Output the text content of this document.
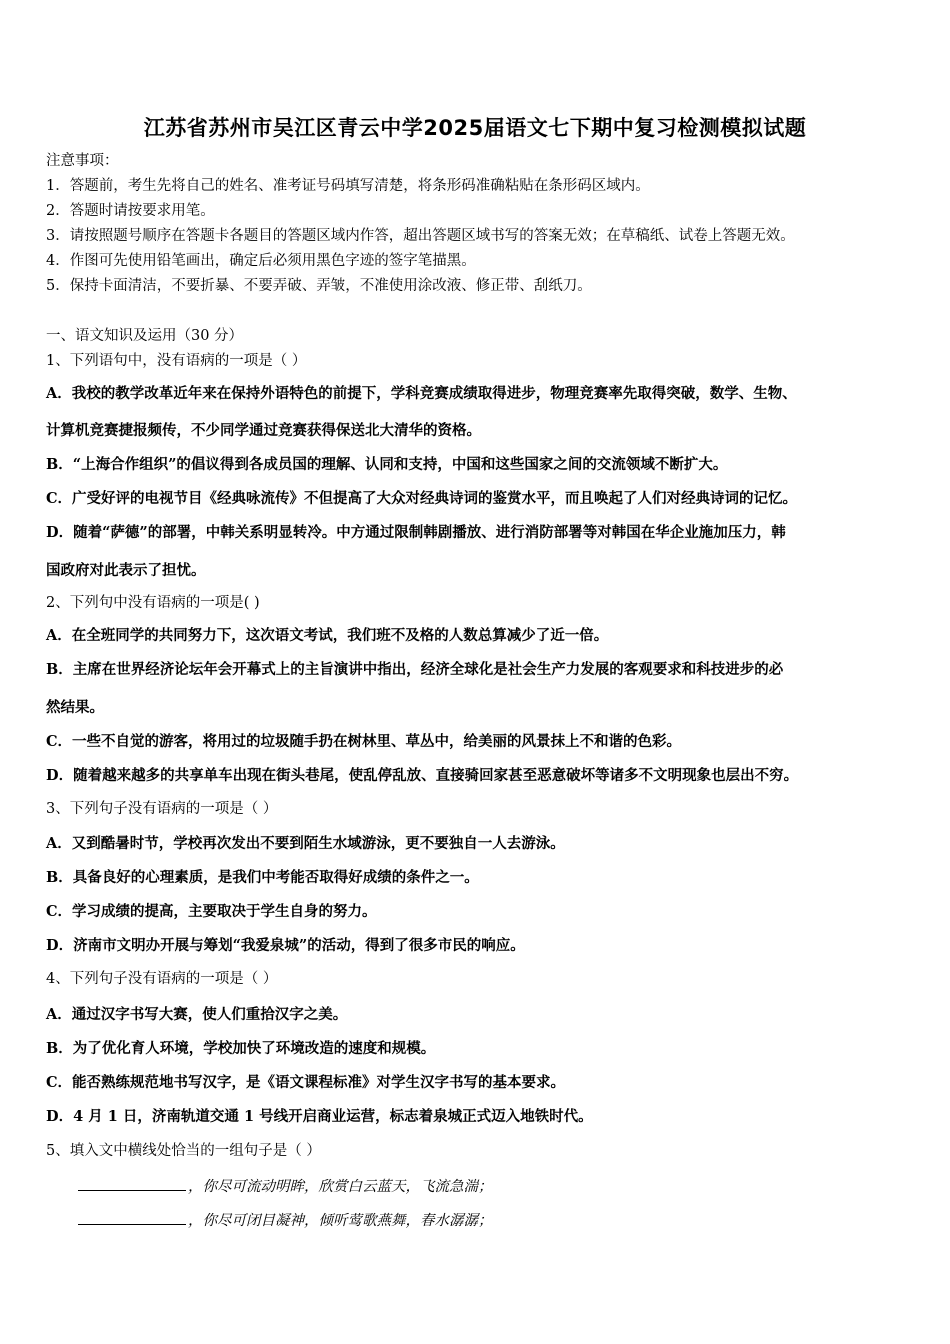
江苏省苏州市吴江区青云中学2025届语文七下期中复习检测模拟试题
注意事项：
1．答题前，考生先将自己的姓名、准考证号码填写清楚，将条形码准确粘贴在条形码区域内。
2．答题时请按要求用笔。
3．请按照题号顺序在答题卡各题目的答题区域内作答，超出答题区域书写的答案无效；在草稿纸、试卷上答题无效。
4．作图可先使用铅笔画出，确定后必须用黑色字迹的签字笔描黑。
5．保持卡面清洁，不要折暴、不要弄破、弄皱，不准使用涂改液、修正带、刮纸刀。
一、语文知识及运用（30 分）
1、下列语句中，没有语病的一项是（ ）
A．我校的教学改革近年来在保持外语特色的前提下，学科竞赛成绩取得进步，物理竞赛率先取得突破，数学、生物、
计算机竞赛捷报频传，不少同学通过竞赛获得保送北大清华的资格。
B．“上海合作组织”的倡议得到各成员国的理解、认同和支持，中国和这些国家之间的交流领域不断扩大。
C．广受好评的电视节目《经典咏流传》不但提高了大众对经典诗词的鉴赏水平，而且唤起了人们对经典诗词的记忆。
D．随着“萨德”的部署，中韩关系明显转冷。中方通过限制韩剧播放、进行消防部署等对韩国在华企业施加压力，韩
国政府对此表示了担忧。
2、下列句中没有语病的一项是( )
A．在全班同学的共同努力下，这次语文考试，我们班不及格的人数总算减少了近一倍。
B．主席在世界经济论坛年会开幕式上的主旨演讲中指出，经济全球化是社会生产力发展的客观要求和科技进步的必
然结果。
C．一些不自觉的游客，将用过的垃圾随手扔在树林里、草丛中，给美丽的风景抹上不和谐的色彩。
D．随着越来越多的共享单车出现在街头巷尾，使乱停乱放、直接骑回家甚至恶意破坏等诸多不文明现象也层出不穷。
3、下列句子没有语病的一项是（ ）
A．又到酷暑时节，学校再次发出不要到陌生水域游泳，更不要独自一人去游泳。
B．具备良好的心理素质，是我们中考能否取得好成绩的条件之一。
C．学习成绩的提高，主要取决于学生自身的努力。
D．济南市文明办开展与筹划“我爱泉城”的活动，得到了很多市民的响应。
4、下列句子没有语病的一项是（ ）
A．通过汉字书写大赛，使人们重拾汉字之美。
B．为了优化育人环境，学校加快了环境改造的速度和规模。
C．能否熟练规范地书写汉字，是《语文课程标准》对学生汉字书写的基本要求。
D．4 月 1 日，济南轨道交通 1 号线开启商业运营，标志着泉城正式迈入地铁时代。
5、填入文中横线处恰当的一组句子是（ ）
，你尽可流动明眸，欣赏白云蓝天，飞流急湍；
，你尽可闭目凝神，倾听莺歌燕舞，春水潺潺；
